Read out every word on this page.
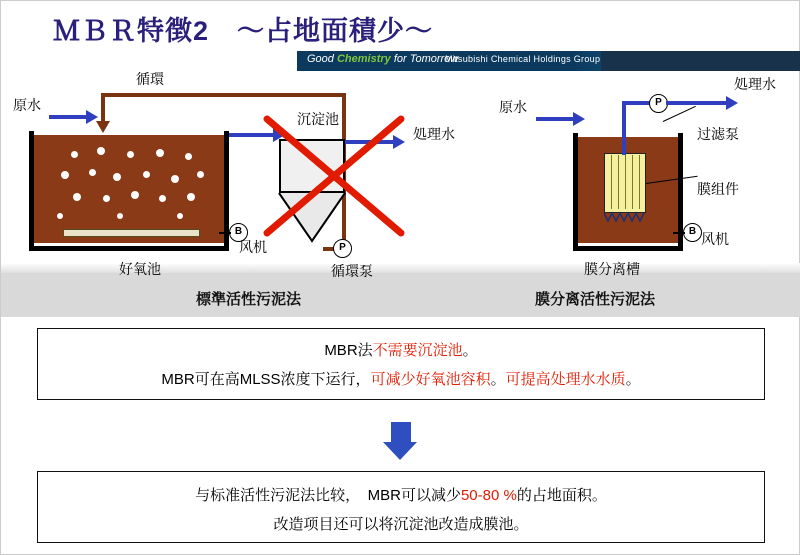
ＭＢＲ特徴2　〜占地面積少〜
Good Chemistry for Tomorrow
Mitsubishi Chemical Holdings Group
原水
循環
B
风机
沉淀池
処理水
P
循環泵
好氧池
標準活性污泥法
原水	P
処理水
过滤泵
膜组件
B 风机
膜分离槽
膜分离活性污泥法
MBR法不需要沉淀池。
MBR可在高MLSS浓度下运行，可减少好氧池容积。可提高处理水水质。
与标准活性污泥法比较，　MBR可以减少50-80 %的占地面积。
改造项目还可以将沉淀池改造成膜池。
